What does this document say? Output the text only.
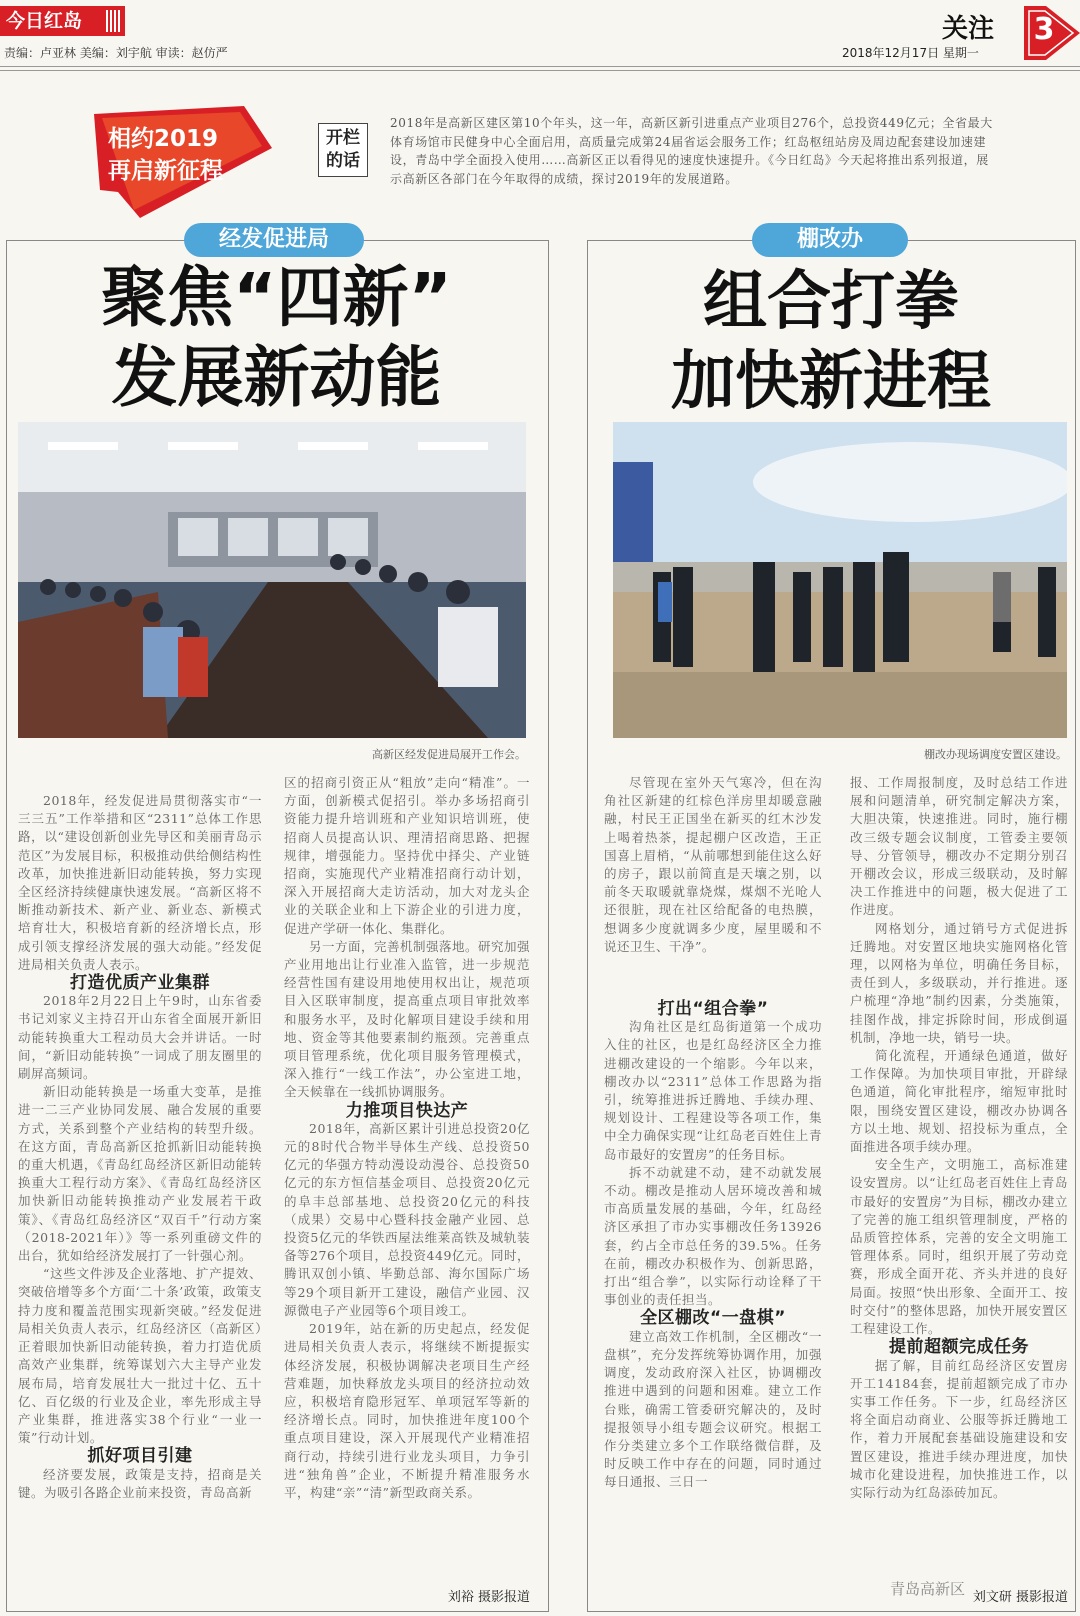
今日红岛
责编：卢亚林 美编：刘宇航 审读：赵仿严
关注
2018年12月17日 星期一
3
相约2019
再启新征程
开栏
的话
2018年是高新区建区第10个年头，这一年，高新区新引进重点产业项目276个，总投资449亿元；全省最大体育场馆市民健身中心全面启用，高质量完成第24届省运会服务工作；红岛枢纽站房及周边配套建设加速建设，青岛中学全面投入使用……高新区正以看得见的速度快速提升。《今日红岛》今天起将推出系列报道，展示高新区各部门在今年取得的成绩，探讨2019年的发展道路。
经发促进局
聚焦“四新”
发展新动能
高新区经发促进局展开工作会。

2018年，经发促进局贯彻落实市“一三三五”工作举措和区“2311”总体工作思路，以“建设创新创业先导区和美丽青岛示范区”为发展目标，积极推动供给侧结构性改革，加快推进新旧动能转换，努力实现全区经济持续健康快速发展。“高新区将不断推动新技术、新产业、新业态、新模式培育壮大，积极培育新的经济增长点，形成引领支撑经济发展的强大动能。”经发促进局相关负责人表示。

打造优质产业集群

2018年2月22日上午9时，山东省委书记刘家义主持召开山东省全面展开新旧动能转换重大工程动员大会并讲话。一时间，“新旧动能转换”一词成了朋友圈里的刷屏高频词。

新旧动能转换是一场重大变革，是推进一二三产业协同发展、融合发展的重要方式，关系到整个产业结构的转型升级。在这方面，青岛高新区抢抓新旧动能转换的重大机遇，《青岛红岛经济区新旧动能转换重大工程行动方案》、《青岛红岛经济区加快新旧动能转换推动产业发展若干政策》、《青岛红岛经济区“双百千”行动方案（2018-2021年）》等一系列重磅文件的出台，犹如给经济发展打了一针强心剂。

“这些文件涉及企业落地、扩产提效、突破倍增等多个方面‘二十条’政策，政策支持力度和覆盖范围实现新突破。”经发促进局相关负责人表示，红岛经济区（高新区）正着眼加快新旧动能转换，着力打造优质高效产业集群，统筹谋划六大主导产业发展布局，培育发展壮大一批过十亿、五十亿、百亿级的行业及企业，率先形成主导产业集群，推进落实38个行业“一业一策”行动计划。

抓好项目引建

经济要发展，政策是支持，招商是关键。为吸引各路企业前来投资，青岛高新

区的招商引资正从“粗放”走向“精准”。一方面，创新模式促招引。举办多场招商引资能力提升培训班和产业知识培训班，使招商人员提高认识、理清招商思路、把握规律，增强能力。坚持优中择尖、产业链招商，实施现代产业精准招商行动计划，深入开展招商大走访活动，加大对龙头企业的关联企业和上下游企业的引进力度，促进产学研一体化、集群化。

另一方面，完善机制强落地。研究加强产业用地出让行业准入监管，进一步规范经营性国有建设用地使用权出让，规范项目入区联审制度，提高重点项目审批效率和服务水平，及时化解项目建设手续和用地、资金等其他要素制约瓶颈。完善重点项目管理系统，优化项目服务管理模式，深入推行“一线工作法”，办公室进工地，全天候靠在一线抓协调服务。

力推项目快达产

2018年，高新区累计引进总投资20亿元的8时代合物半导体生产线、总投资50亿元的华强方特动漫设动漫谷、总投资50亿元的东方恒信基金项目、总投资20亿元的阜丰总部基地、总投资20亿元的科技（成果）交易中心暨科技金融产业园、总投资5亿元的华铁西屋法维莱高铁及城轨装备等276个项目，总投资449亿元。同时，腾讯双创小镇、毕勤总部、海尔国际广场等29个项目新开工建设，融信产业园、汉源微电子产业园等6个项目竣工。

2019年，站在新的历史起点，经发促进局相关负责人表示，将继续不断提振实体经济发展，积极协调解决老项目生产经营难题，加快释放龙头项目的经济拉动效应，积极培育隐形冠军、单项冠军等新的经济增长点。同时，加快推进年度100个重点项目建设，深入开展现代产业精准招商行动，持续引进行业龙头项目，力争引进“独角兽”企业，不断提升精准服务水平，构建“亲”“清”新型政商关系。

刘裕 摄影报道
棚改办
组合打拳
加快新进程
棚改办现场调度安置区建设。

尽管现在室外天气寒冷，但在沟角社区新建的红棕色洋房里却暖意融融，村民王正国坐在新买的红木沙发上喝着热茶，提起棚户区改造，王正国喜上眉梢，“从前哪想到能住这么好的房子，跟以前简直是天壤之别，以前冬天取暖就靠烧煤，煤烟不光呛人还很脏，现在社区给配备的电热膜，想调多少度就调多少度，屋里暖和不说还卫生、干净”。

打出“组合拳”

沟角社区是红岛街道第一个成功入住的社区，也是红岛经济区全力推进棚改建设的一个缩影。今年以来，棚改办以“2311”总体工作思路为指引，统筹推进拆迁腾地、手续办理、规划设计、工程建设等各项工作，集中全力确保实现“让红岛老百姓住上青岛市最好的安置房”的任务目标。

拆不动就建不动，建不动就发展不动。棚改是推动人居环境改善和城市高质量发展的基础，今年，红岛经济区承担了市办实事棚改任务13926套，约占全市总任务的39.5%。任务在前，棚改办积极作为、创新思路，打出“组合拳”，以实际行动诠释了干事创业的责任担当。

全区棚改“一盘棋”

建立高效工作机制，全区棚改“一盘棋”，充分发挥统筹协调作用，加强调度，发动政府深入社区，协调棚改推进中遇到的问题和困难。建立工作台账，确需工管委研究解决的，及时提报领导小组专题会议研究。根据工作分类建立多个工作联络微信群，及时反映工作中存在的问题，同时通过每日通报、三日一

报、工作周报制度，及时总结工作进展和问题清单，研究制定解决方案，大胆决策，快速推进。同时，施行棚改三级专题会议制度，工管委主要领导、分管领导，棚改办不定期分别召开棚改会议，形成三级联动，及时解决工作推进中的问题，极大促进了工作进度。

网格划分，通过销号方式促进拆迁腾地。对安置区地块实施网格化管理，以网格为单位，明确任务目标，责任到人，多级联动，并行推进。逐户梳理“净地”制约因素，分类施策，挂图作战，排定拆除时间，形成倒逼机制，净地一块，销号一块。

简化流程，开通绿色通道，做好工作保障。为加快项目审批，开辟绿色通道，简化审批程序，缩短审批时限，围绕安置区建设，棚改办协调各方以土地、规划、招投标为重点，全面推进各项手续办理。

安全生产，文明施工，高标准建设安置房。以“让红岛老百姓住上青岛市最好的安置房”为目标，棚改办建立了完善的施工组织管理制度，严格的品质管控体系，完善的安全文明施工管理体系。同时，组织开展了劳动竞赛，形成全面开花、齐头并进的良好局面。按照“快出形象、全面开工、按时交付”的整体思路，加快开展安置区工程建设工作。

提前超额完成任务

据了解，目前红岛经济区安置房开工14184套，提前超额完成了市办实事工作任务。下一步，红岛经济区将全面启动商业、公服等拆迁腾地工作，着力开展配套基础设施建设和安置区建设，推进手续办理进度，加快城市化建设进程，加快推进工作，以实际行动为红岛添砖加瓦。

刘文研 摄影报道
青岛高新区
